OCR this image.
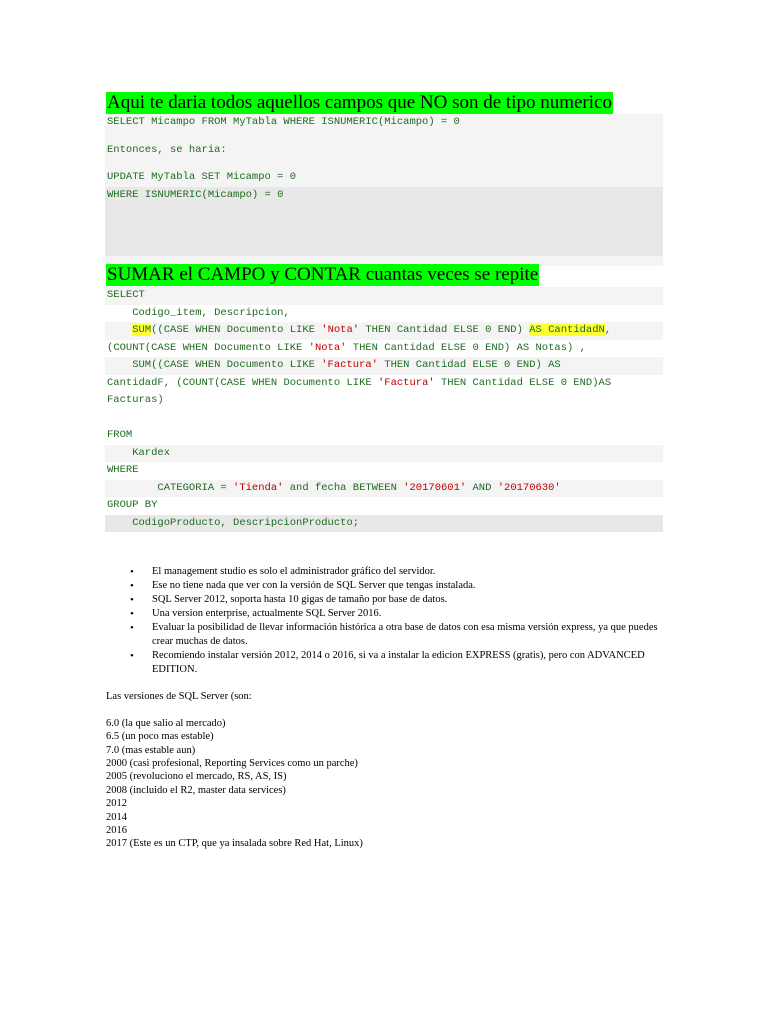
Aqui te daria todos aquellos campos que NO son de tipo numerico
SELECT Micampo FROM MyTabla WHERE ISNUMERIC(Micampo) = 0
Entonces, se haria:
UPDATE MyTabla SET Micampo = 0
WHERE ISNUMERIC(Micampo) = 0
SUMAR el CAMPO y CONTAR cuantas veces se repite
SELECT
Codigo_item, Descripcion,
SUM((CASE WHEN Documento LIKE 'Nota' THEN Cantidad ELSE 0 END) AS CantidadN,
(COUNT(CASE WHEN Documento LIKE 'Nota' THEN Cantidad ELSE 0 END) AS Notas) ,
SUM((CASE WHEN Documento LIKE 'Factura' THEN Cantidad ELSE 0 END) AS
CantidadF, (COUNT(CASE WHEN Documento LIKE 'Factura' THEN Cantidad ELSE 0 END)AS
Facturas)
FROM
Kardex
WHERE
CATEGORIA = 'Tienda' and fecha BETWEEN '20170601' AND '20170630'
GROUP BY
CodigoProducto, DescripcionProducto;
• El management studio es solo el administrador gráfico del servidor.
• Ese no tiene nada que ver con la versión de SQL Server que tengas instalada.
• SQL Server 2012, soporta hasta 10 gigas de tamaño por base de datos.
• Una version enterprise, actualmente SQL Server 2016.
• Evaluar la posibilidad de llevar información histórica a otra base de datos con esa misma versión express, ya que puedes crear muchas de datos.
• Recomiendo instalar versión 2012, 2014 o 2016, si va a instalar la edicion EXPRESS (gratis), pero con ADVANCED EDITION.
Las versiones de SQL Server (son:

6.0 (la que salio al mercado)
6.5 (un poco mas estable)
7.0 (mas estable aun)
2000 (casi profesional, Reporting Services como un parche)
2005 (revoluciono el mercado, RS, AS, IS)
2008 (incluido el R2, master data services)
2012
2014
2016
2017 (Este es un CTP, que ya insalada sobre Red Hat, Linux)
